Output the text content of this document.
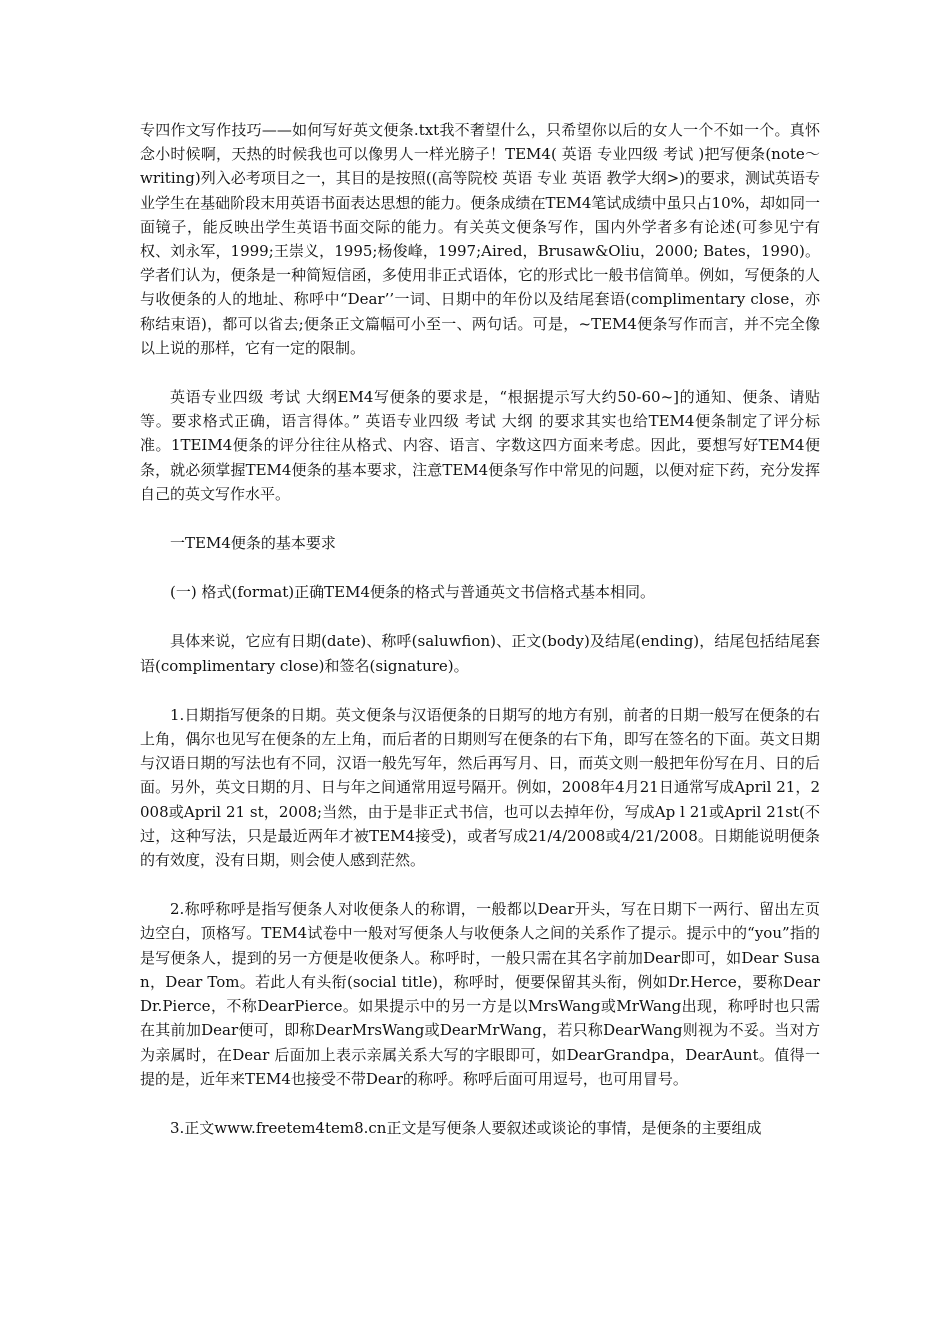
专四作文写作技巧——如何写好英文便条.txt我不奢望什么，只希望你以后的女人一个不如一个。真怀念小时候啊，天热的时候我也可以像男人一样光膀子！TEM4( 英语 专业四级 考试 )把写便条(note～writing)列入必考项目之一，其目的是按照((高等院校 英语 专业 英语 教学大纲>)的要求，测试英语专业学生在基础阶段末用英语书面表达思想的能力。便条成绩在TEM4笔试成绩中虽只占10%，却如同一面镜子，能反映出学生英语书面交际的能力。有关英文便条写作，国内外学者多有论述(可参见宁有权、刘永军，1999;王崇义，1995;杨俊峰，1997;Aired，Brusaw&Oliu，2000; Bates，1990)。学者们认为，便条是一种简短信函，多使用非正式语体，它的形式比一般书信简单。例如，写便条的人与收便条的人的地址、称呼中“Dear’’一词、日期中的年份以及结尾套语(complimentary close，亦称结束语)，都可以省去;便条正文篇幅可小至一、两句话。可是，~TEM4便条写作而言，并不完全像以上说的那样，它有一定的限制。

英语专业四级 考试 大纲EM4写便条的要求是，“根据提示写大约50-60~]的通知、便条、请贴等。要求格式正确，语言得体。” 英语专业四级 考试 大纲 的要求其实也给TEM4便条制定了评分标准。1TEIM4便条的评分往往从格式、内容、语言、字数这四方面来考虑。因此，要想写好TEM4便条，就必须掌握TEM4便条的基本要求，注意TEM4便条写作中常见的问题，以便对症下药，充分发挥自己的英文写作水平。

一TEM4便条的基本要求

(一) 格式(format)正确TEM4便条的格式与普通英文书信格式基本相同。

具体来说，它应有日期(date)、称呼(saluwfion)、正文(body)及结尾(ending)，结尾包括结尾套语(complimentary close)和签名(signature)。

1.日期指写便条的日期。英文便条与汉语便条的日期写的地方有别，前者的日期一般写在便条的右上角，偶尔也见写在便条的左上角，而后者的日期则写在便条的右下角，即写在签名的下面。英文日期与汉语日期的写法也有不同，汉语一般先写年，然后再写月、日，而英文则一般把年份写在月、日的后面。另外，英文日期的月、日与年之间通常用逗号隔开。例如，2008年4月21日通常写成April 21，2008或April 21 st，2008;当然，由于是非正式书信，也可以去掉年份，写成Ap l 21或April 21st(不过，这种写法，只是最近两年才被TEM4接受)，或者写成21/4/2008或4/21/2008。日期能说明便条的有效度，没有日期，则会使人感到茫然。

2.称呼称呼是指写便条人对收便条人的称谓，一般都以Dear开头，写在日期下一两行、留出左页边空白，顶格写。TEM4试卷中一般对写便条人与收便条人之间的关系作了提示。提示中的“you”指的是写便条人，提到的另一方便是收便条人。称呼时，一般只需在其名字前加Dear即可，如Dear Susan，Dear Tom。若此人有头衔(social title)，称呼时，便要保留其头衔，例如Dr.Herce，要称DearDr.Pierce，不称DearPierce。如果提示中的另一方是以MrsWang或MrWang出现，称呼时也只需在其前加Dear便可，即称DearMrsWang或DearMrWang，若只称DearWang则视为不妥。当对方为亲属时，在Dear 后面加上表示亲属关系大写的字眼即可，如DearGrandpa，DearAunt。值得一提的是，近年来TEM4也接受不带Dear的称呼。称呼后面可用逗号，也可用冒号。

3.正文www.freetem4tem8.cn正文是写便条人要叙述或谈论的事情，是便条的主要组成
